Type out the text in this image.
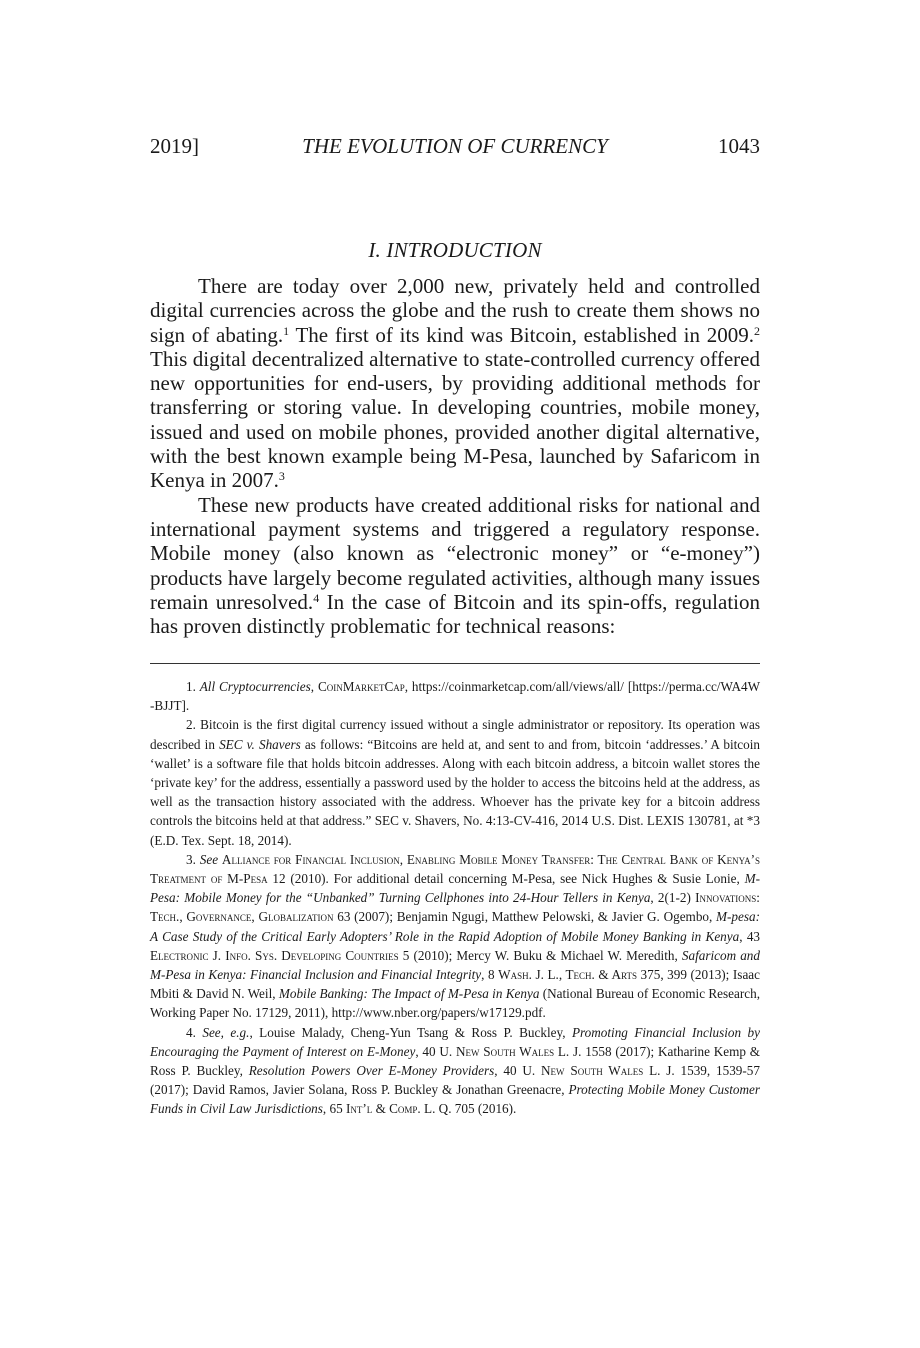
2019]	THE EVOLUTION OF CURRENCY	1043
I. INTRODUCTION

There are today over 2,000 new, privately held and controlled digital currencies across the globe and the rush to create them shows no sign of abating.$^1$ The first of its kind was Bitcoin, established in 2009.$^2$ This digital decentralized alternative to state-controlled currency offered new opportunities for end-users, by providing additional methods for transferring or storing value. In developing countries, mobile money, issued and used on mobile phones, provided another digital alternative, with the best known example being M-Pesa, launched by Safaricom in Kenya in 2007.$^3$

These new products have created additional risks for national and international payment systems and triggered a regulatory response. Mobile money (also known as “electronic money” or “e-money”) products have largely become regulated activities, although many issues remain unresolved.$^4$ In the case of Bitcoin and its spin-offs, regulation has proven distinctly problematic for technical reasons:

1. All Cryptocurrencies, CoinMarketCap, https://coinmarketcap.com/all/views/all/ [https://perma.cc/WA4W-BJJT].

2. Bitcoin is the first digital currency issued without a single administrator or repository. Its operation was described in SEC v. Shavers as follows: “Bitcoins are held at, and sent to and from, bitcoin ‘addresses.’ A bitcoin ‘wallet’ is a software file that holds bitcoin addresses. Along with each bitcoin address, a bitcoin wallet stores the ‘private key’ for the address, essentially a password used by the holder to access the bitcoins held at the address, as well as the transaction history associated with the address. Whoever has the private key for a bitcoin address controls the bitcoins held at that address.” SEC v. Shavers, No. 4:13-CV-416, 2014 U.S. Dist. LEXIS 130781, at *3 (E.D. Tex. Sept. 18, 2014).

3. See Alliance for Financial Inclusion, Enabling Mobile Money Transfer: The Central Bank of Kenya’s Treatment of M-Pesa 12 (2010). For additional detail concerning M-Pesa, see Nick Hughes & Susie Lonie, M-Pesa: Mobile Money for the “Unbanked” Turning Cellphones into 24-Hour Tellers in Kenya, 2(1-2) Innovations: Tech., Governance, Globalization 63 (2007); Benjamin Ngugi, Matthew Pelowski, & Javier G. Ogembo, M-pesa: A Case Study of the Critical Early Adopters’ Role in the Rapid Adoption of Mobile Money Banking in Kenya, 43 Electronic J. Info. Sys. Developing Countries 5 (2010); Mercy W. Buku & Michael W. Meredith, Safaricom and M-Pesa in Kenya: Financial Inclusion and Financial Integrity, 8 Wash. J. L., Tech. & Arts 375, 399 (2013); Isaac Mbiti & David N. Weil, Mobile Banking: The Impact of M-Pesa in Kenya (National Bureau of Economic Research, Working Paper No. 17129, 2011), http://www.nber.org/papers/w17129.pdf.

4. See, e.g., Louise Malady, Cheng-Yun Tsang & Ross P. Buckley, Promoting Financial Inclusion by Encouraging the Payment of Interest on E-Money, 40 U. New South Wales L. J. 1558 (2017); Katharine Kemp & Ross P. Buckley, Resolution Powers Over E-Money Providers, 40 U. New South Wales L. J. 1539, 1539-57 (2017); David Ramos, Javier Solana, Ross P. Buckley & Jonathan Greenacre, Protecting Mobile Money Customer Funds in Civil Law Jurisdictions, 65 Int’l & Comp. L. Q. 705 (2016).
